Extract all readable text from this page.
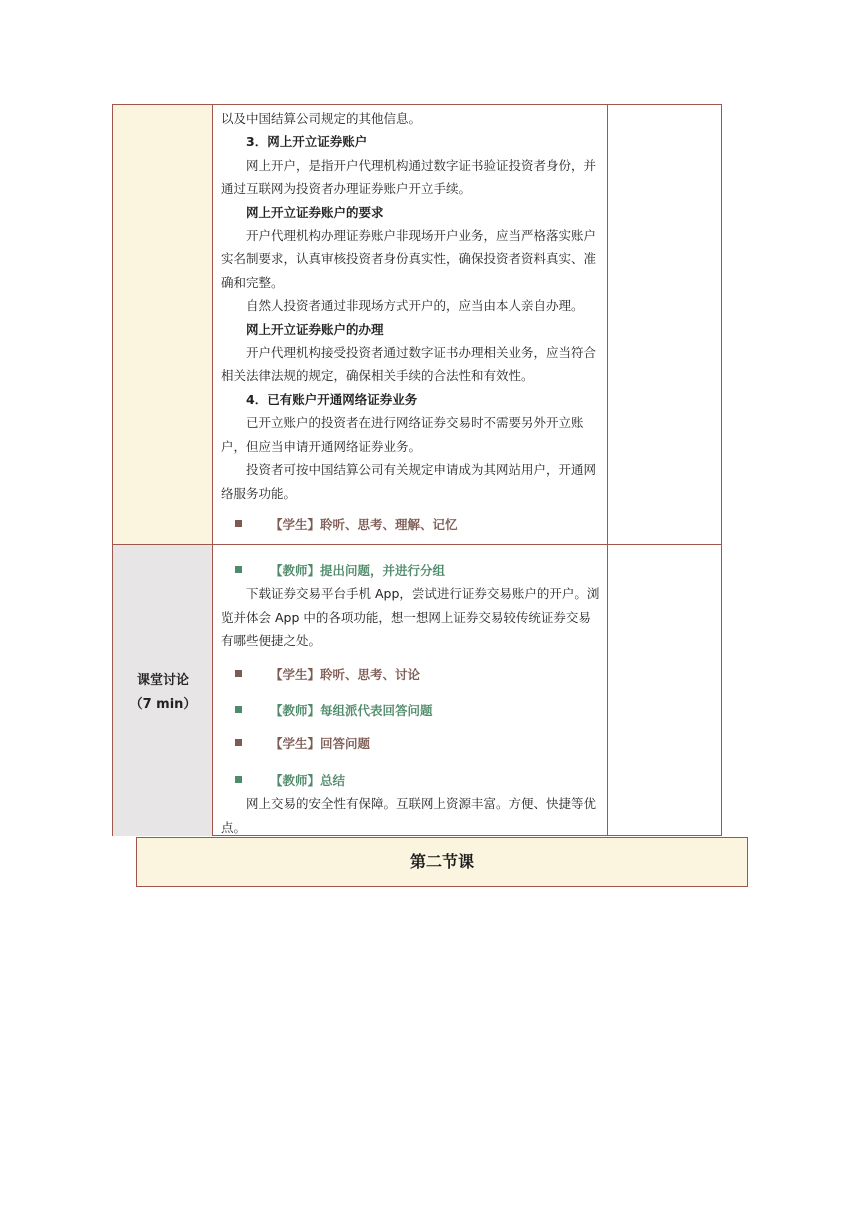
以及中国结算公司规定的其他信息。

3．网上开立证券账户

网上开户，是指开户代理机构通过数字证书验证投资者身份，并通过互联网为投资者办理证券账户开立手续。

网上开立证券账户的要求

开户代理机构办理证券账户非现场开户业务，应当严格落实账户实名制要求，认真审核投资者身份真实性，确保投资者资料真实、准确和完整。

自然人投资者通过非现场方式开户的，应当由本人亲自办理。

网上开立证券账户的办理

开户代理机构接受投资者通过数字证书办理相关业务，应当符合相关法律法规的规定，确保相关手续的合法性和有效性。

4．已有账户开通网络证券业务

已开立账户的投资者在进行网络证券交易时不需要另外开立账户，但应当申请开通网络证券业务。

投资者可按中国结算公司有关规定申请成为其网站用户，开通网络服务功能。

【学生】聆听、思考、理解、记忆

课堂讨论
（7 min）

【教师】提出问题，并进行分组

下载证券交易平台手机 App，尝试进行证券交易账户的开户。浏览并体会 App 中的各项功能，想一想网上证券交易较传统证券交易有哪些便捷之处。

【学生】聆听、思考、讨论

【教师】每组派代表回答问题

【学生】回答问题

【教师】总结

网上交易的安全性有保障。互联网上资源丰富。方便、快捷等优点。

第二节课
